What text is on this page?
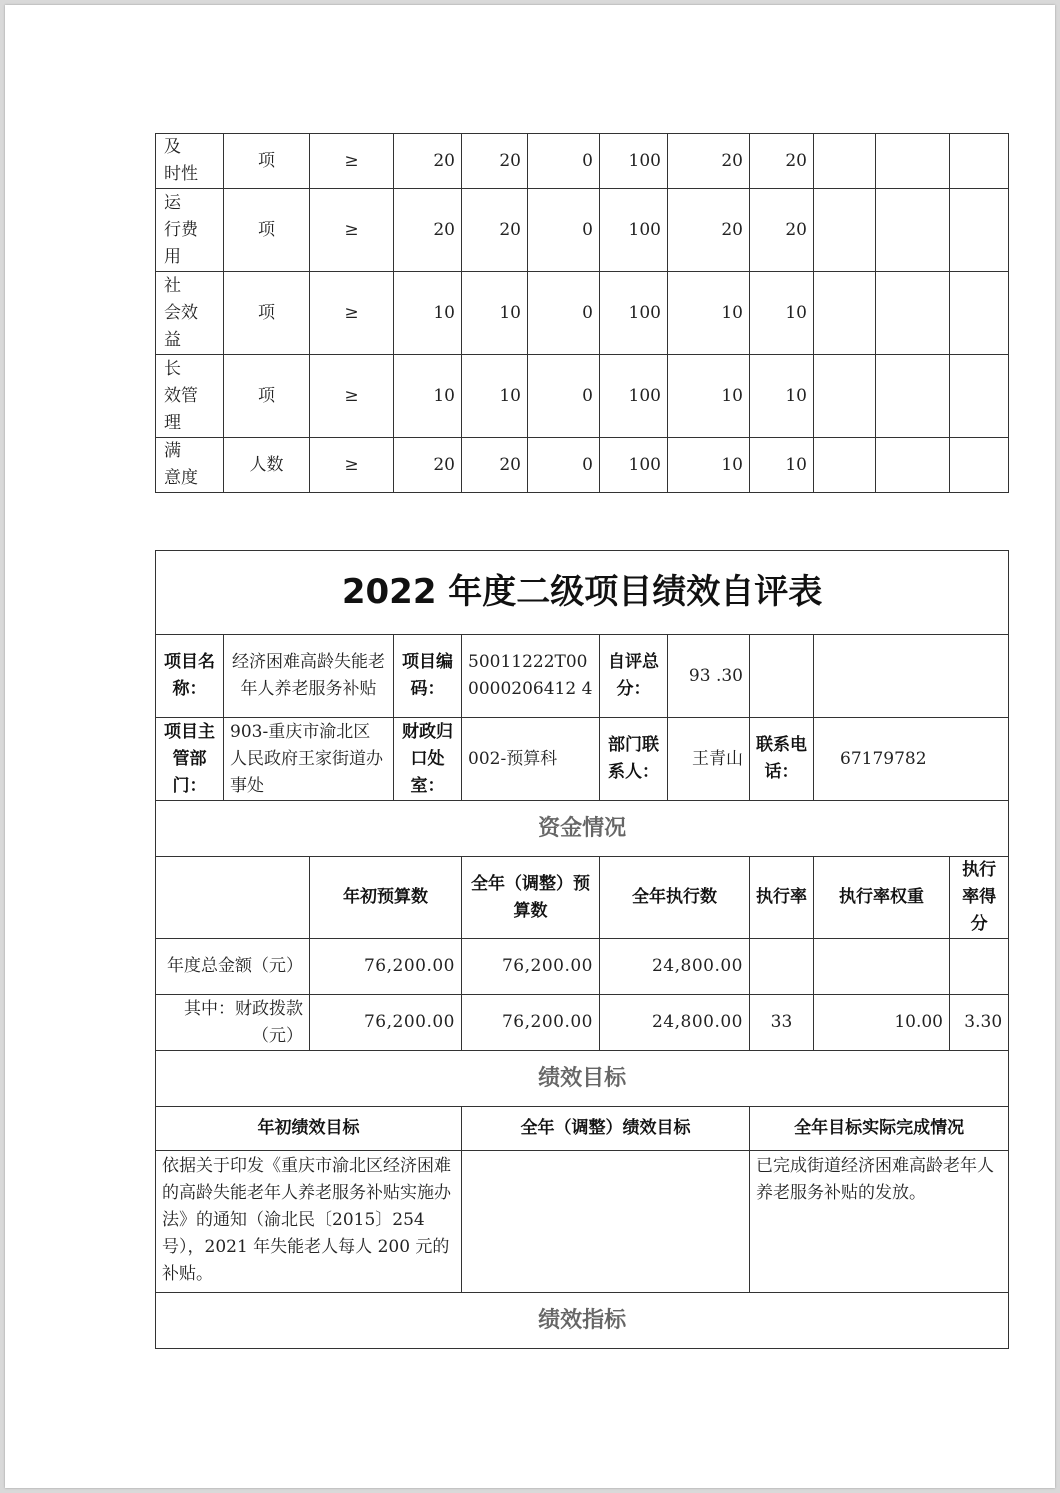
及
时性	项	≥	20	20	0	100	20	20			
运
行费
用	项	≥	20	20	0	100	20	20			
社
会效
益	项	≥	10	10	0	100	10	10			
长
效管
理	项	≥	10	10	0	100	10	10			
满
意度	人数	≥	20	20	0	100	10	10			
2022 年度二级项目绩效自评表									
项目名称：	经济困难高龄失能老年人养老服务补贴		项目编码：	50011222T000000206412 4	自评总分：	93 .30			
项目主管部门：	903-重庆市渝北区人民政府王家街道办事处		财政归口处室：	002-预算科	部门联系人：	王青山	联系电话：	67179782	
资金情况									
		年初预算数		全年（调整）预算数	全年执行数		执行率	执行率权重	执行率得分
年度总金额（元）		76,200.00		76,200.00	24,800.00				
其中：财政拨款（元）		76,200.00		76,200.00	24,800.00		33	10.00	3.30
绩效目标									
年初绩效目标				全年（调整）绩效目标			全年目标实际完成情况		
依据关于印发《重庆市渝北区经济困难的高龄失能老年人养老服务补贴实施办法》的通知（渝北民〔2015〕254 号），2021 年失能老人每人 200 元的补贴。							已完成街道经济困难高龄老年人养老服务补贴的发放。		
绩效指标									
